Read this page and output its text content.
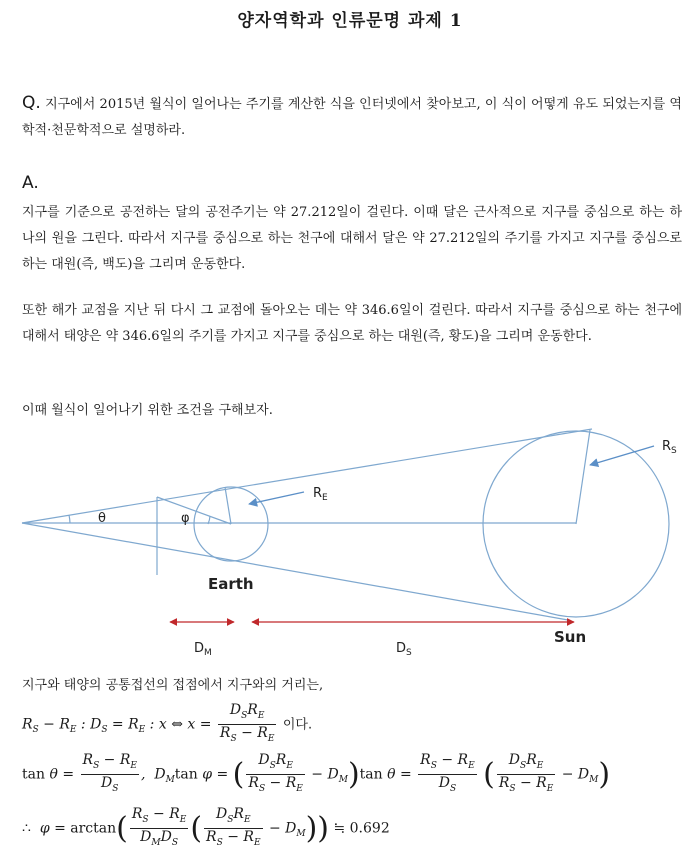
양자역학과 인류문명 과제 1
Q. 지구에서 2015년 월식이 일어나는 주기를 계산한 식을 인터넷에서 찾아보고, 이 식이 어떻게 유도 되었는지를 역학적·천문학적으로 설명하라.
A.
지구를 기준으로 공전하는 달의 공전주기는 약 27.212일이 걸린다. 이때 달은 근사적으로 지구를 중심으로 하는 하나의 원을 그린다. 따라서 지구를 중심으로 하는 천구에 대해서 달은 약 27.212일의 주기를 가지고 지구를 중심으로 하는 대원(즉, 백도)을 그리며 운동한다.
또한 해가 교점을 지난 뒤 다시 그 교점에 돌아오는 데는 약 346.6일이 걸린다. 따라서 지구를 중심으로 하는 천구에 대해서 태양은 약 346.6일의 주기를 가지고 지구를 중심으로 하는 대원(즉, 황도)을 그리며 운동한다.
이때 월식이 일어나기 위한 조건을 구해보자.
θ	φ
$R_E$
$R_S$
Earth
Sun
$D_M$	$D_S$
지구와 태양의 공통접선의 접점에서 지구와의 거리는,
$R_S - R_E$ : $D_S = R_E$ : x ⇔ $x = \frac{D_SR_E}{R_S - R_E}$ 이다.
$\tan \theta = \frac{R_S - R_E}{D_S}$ ,  $D_M\tan$ φ = ( $\frac{D_SR_E}{R_S - R_E} - D_M)\tan$ $\theta = \frac{R_S - R_E}{D_S}$ ( $\frac{D_SR_E}{R_S - R_E} - D_M$)
∴  $\varphi = \arctan( \frac{R_S - R_E}{D_MD_S}$ ( $\frac{D_SR_E}{R_S - R_E} - D_M$)) ≒ 0.692
